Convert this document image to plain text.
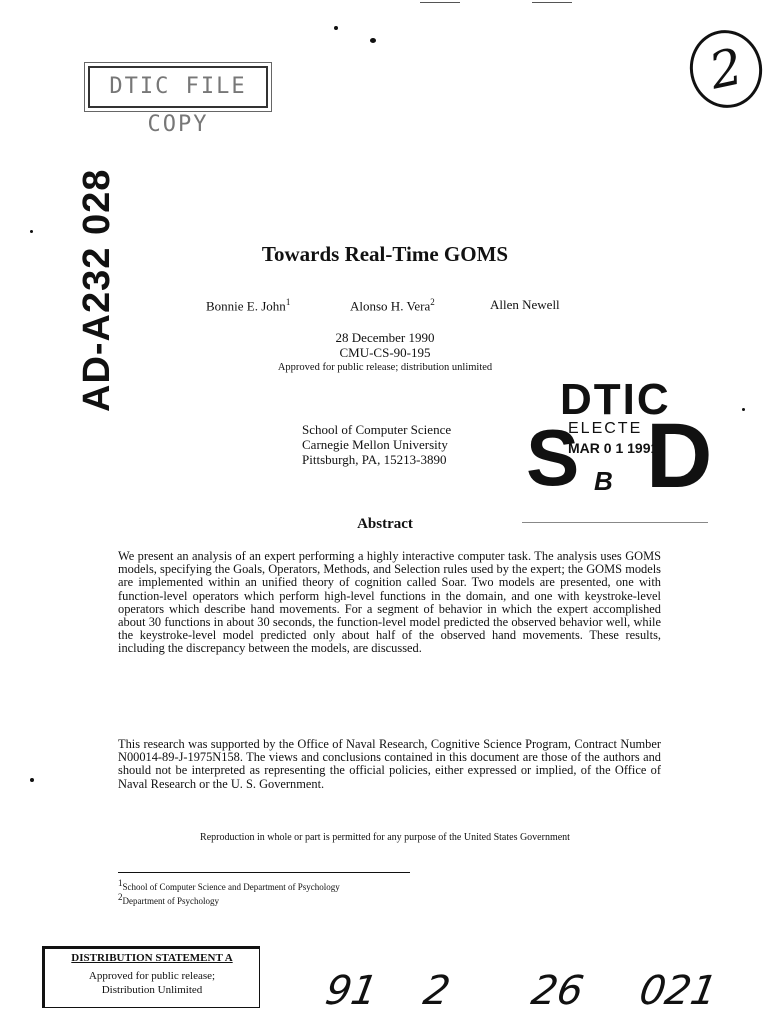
DTIC FILE COPY
2
AD-A232 028	Towards Real-Time GOMS
Bonnie E. John$^1$	Alonso H. Vera$^2$	Allen Newell
28 December 1990
CMU-CS-90-195
Approved for public release; distribution unlimited
School of Computer Science
Carnegie Mellon University
Pittsburgh, PA, 15213-3890
DTIC
S
ELECTE
MAR 0 1 1991
B D
Abstract
We present an analysis of an expert performing a highly interactive computer task. The analysis uses GOMS models, specifying the Goals, Operators, Methods, and Selection rules used by the expert; the GOMS models are implemented within an unified theory of cognition called Soar. Two models are presented, one with function-level operators which perform high-level functions in the domain, and one with keystroke-level operators which describe hand movements. For a segment of behavior in which the expert accomplished about 30 functions in about 30 seconds, the function-level model predicted the observed behavior well, while the keystroke-level model predicted only about half of the observed hand movements. These results, including the discrepancy between the models, are discussed.
This research was supported by the Office of Naval Research, Cognitive Science Program, Contract Number N00014-89-J-1975N158. The views and conclusions contained in this document are those of the authors and should not be interpreted as representing the official policies, either expressed or implied, of the Office of Naval Research or the U. S. Government.
Reproduction in whole or part is permitted for any purpose of the United States Government
1School of Computer Science and Department of Psychology
2Department of Psychology
DISTRIBUTION STATEMENT A
Approved for public release;
Distribution Unlimited	91 2 26 021
